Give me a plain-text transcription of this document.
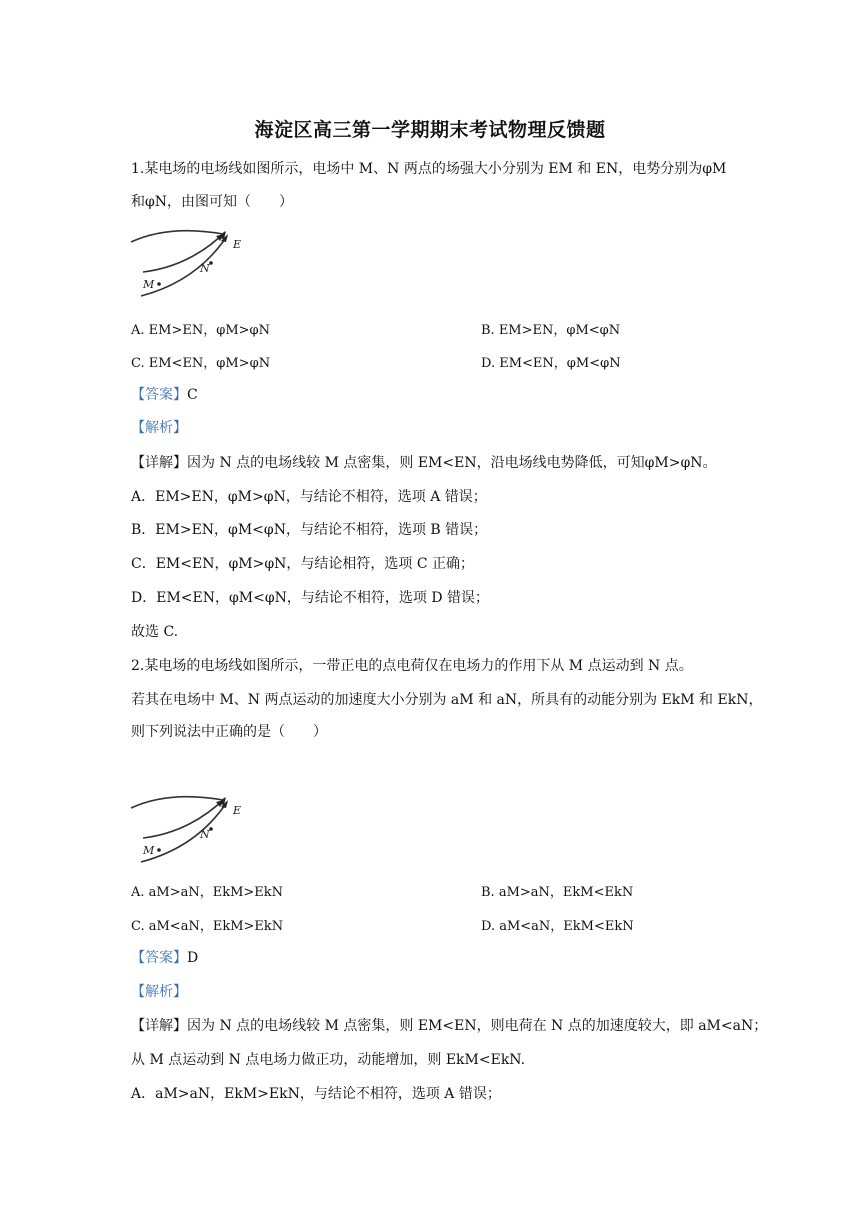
海淀区高三第一学期期末考试物理反馈题
1.某电场的电场线如图所示，电场中 M、N 两点的场强大小分别为 EM 和 EN，电势分别为φM
和φN，由图可知（　　）
E
N
M
A. EM>EN，φM>φN	B. EM>EN，φM<φN
C. EM<EN，φM>φN	D. EM<EN，φM<φN
【答案】C
【解析】
【详解】因为 N 点的电场线较 M 点密集，则 EM<EN，沿电场线电势降低，可知φM>φN。
A．EM>EN，φM>φN，与结论不相符，选项 A 错误；
B．EM>EN，φM<φN，与结论不相符，选项 B 错误；
C．EM<EN，φM>φN，与结论相符，选项 C 正确；
D．EM<EN，φM<φN，与结论不相符，选项 D 错误；
故选 C.
2.某电场的电场线如图所示，一带正电的点电荷仅在电场力的作用下从 M 点运动到 N 点。
若其在电场中 M、N 两点运动的加速度大小分别为 aM 和 aN，所具有的动能分别为 EkM 和 EkN，
则下列说法中正确的是（　　）
E
N
M
A. aM>aN，EkM>EkN	B. aM>aN，EkM<EkN
C. aM<aN，EkM>EkN	D. aM<aN，EkM<EkN
【答案】D
【解析】
【详解】因为 N 点的电场线较 M 点密集，则 EM<EN，则电荷在 N 点的加速度较大，即 aM<aN；
从 M 点运动到 N 点电场力做正功，动能增加，则 EkM<EkN.
A．aM>aN，EkM>EkN，与结论不相符，选项 A 错误；
